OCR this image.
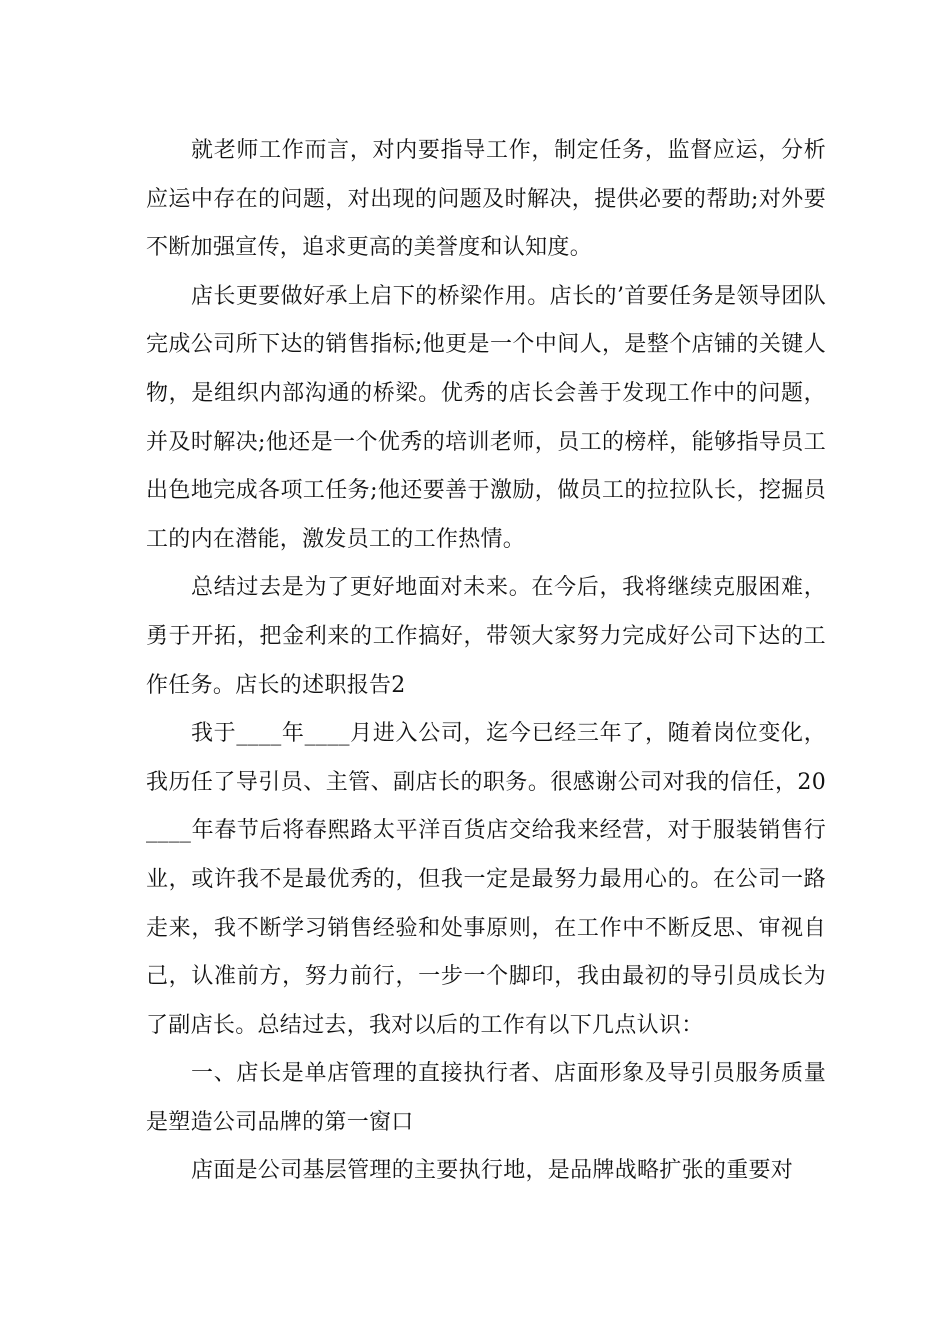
就老师工作而言，对内要指导工作，制定任务，监督应运，分析应运中存在的问题，对出现的问题及时解决，提供必要的帮助;对外要不断加强宣传，追求更高的美誉度和认知度。

店长更要做好承上启下的桥梁作用。店长的’首要任务是领导团队完成公司所下达的销售指标;他更是一个中间人，是整个店铺的关键人物，是组织内部沟通的桥梁。优秀的店长会善于发现工作中的问题，并及时解决;他还是一个优秀的培训老师，员工的榜样，能够指导员工出色地完成各项工任务;他还要善于激励，做员工的拉拉队长，挖掘员工的内在潜能，激发员工的工作热情。

总结过去是为了更好地面对未来。在今后，我将继续克服困难，勇于开拓，把金利来的工作搞好，带领大家努力完成好公司下达的工作任务。店长的述职报告2

我于____年____月进入公司，迄今已经三年了，随着岗位变化，我历任了导引员、主管、副店长的职务。很感谢公司对我的信任，20____年春节后将春熙路太平洋百货店交给我来经营，对于服装销售行业，或许我不是最优秀的，但我一定是最努力最用心的。在公司一路走来，我不断学习销售经验和处事原则，在工作中不断反思、审视自己，认准前方，努力前行，一步一个脚印，我由最初的导引员成长为了副店长。总结过去，我对以后的工作有以下几点认识：

一、店长是单店管理的直接执行者、店面形象及导引员服务质量是塑造公司品牌的第一窗口

店面是公司基层管理的主要执行地，是品牌战略扩张的重要对
